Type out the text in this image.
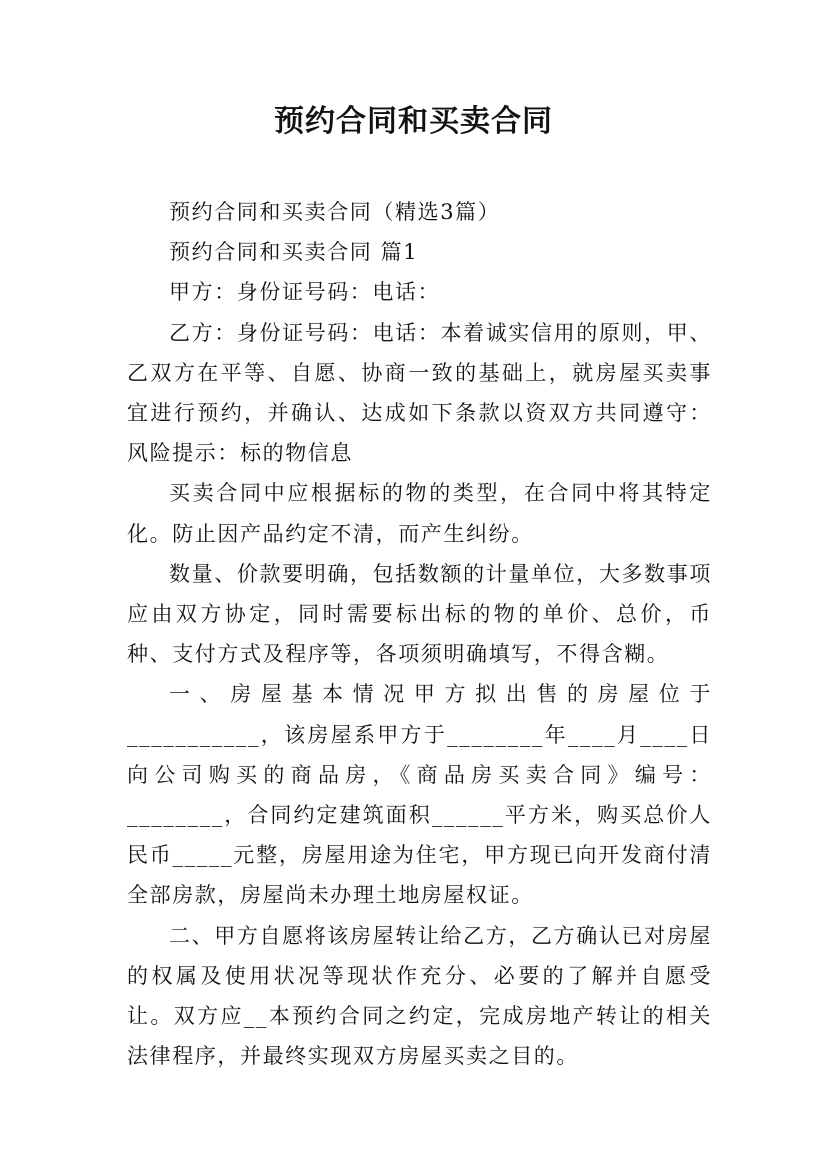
预约合同和买卖合同

预约合同和买卖合同（精选3篇）

预约合同和买卖合同 篇1

甲方：身份证号码：电话：

乙方：身份证号码：电话：本着诚实信用的原则，甲、乙双方在平等、自愿、协商一致的基础上，就房屋买卖事宜进行预约，并确认、达成如下条款以资双方共同遵守：风险提示：标的物信息

买卖合同中应根据标的物的类型，在合同中将其特定化。防止因产品约定不清，而产生纠纷。

数量、价款要明确，包括数额的计量单位，大多数事项应由双方协定，同时需要标出标的物的单价、总价，币种、支付方式及程序等，各项须明确填写，不得含糊。

一、房屋基本情况甲方拟出售的房屋位于___________，该房屋系甲方于________年____月____日向公司购买的商品房，《商品房买卖合同》编号：________，合同约定建筑面积______平方米，购买总价人民币_____元整，房屋用途为住宅，甲方现已向开发商付清全部房款，房屋尚未办理土地房屋权证。

二、甲方自愿将该房屋转让给乙方，乙方确认已对房屋的权属及使用状况等现状作充分、必要的了解并自愿受让。双方应__本预约合同之约定，完成房地产转让的相关法律程序，并最终实现双方房屋买卖之目的。
